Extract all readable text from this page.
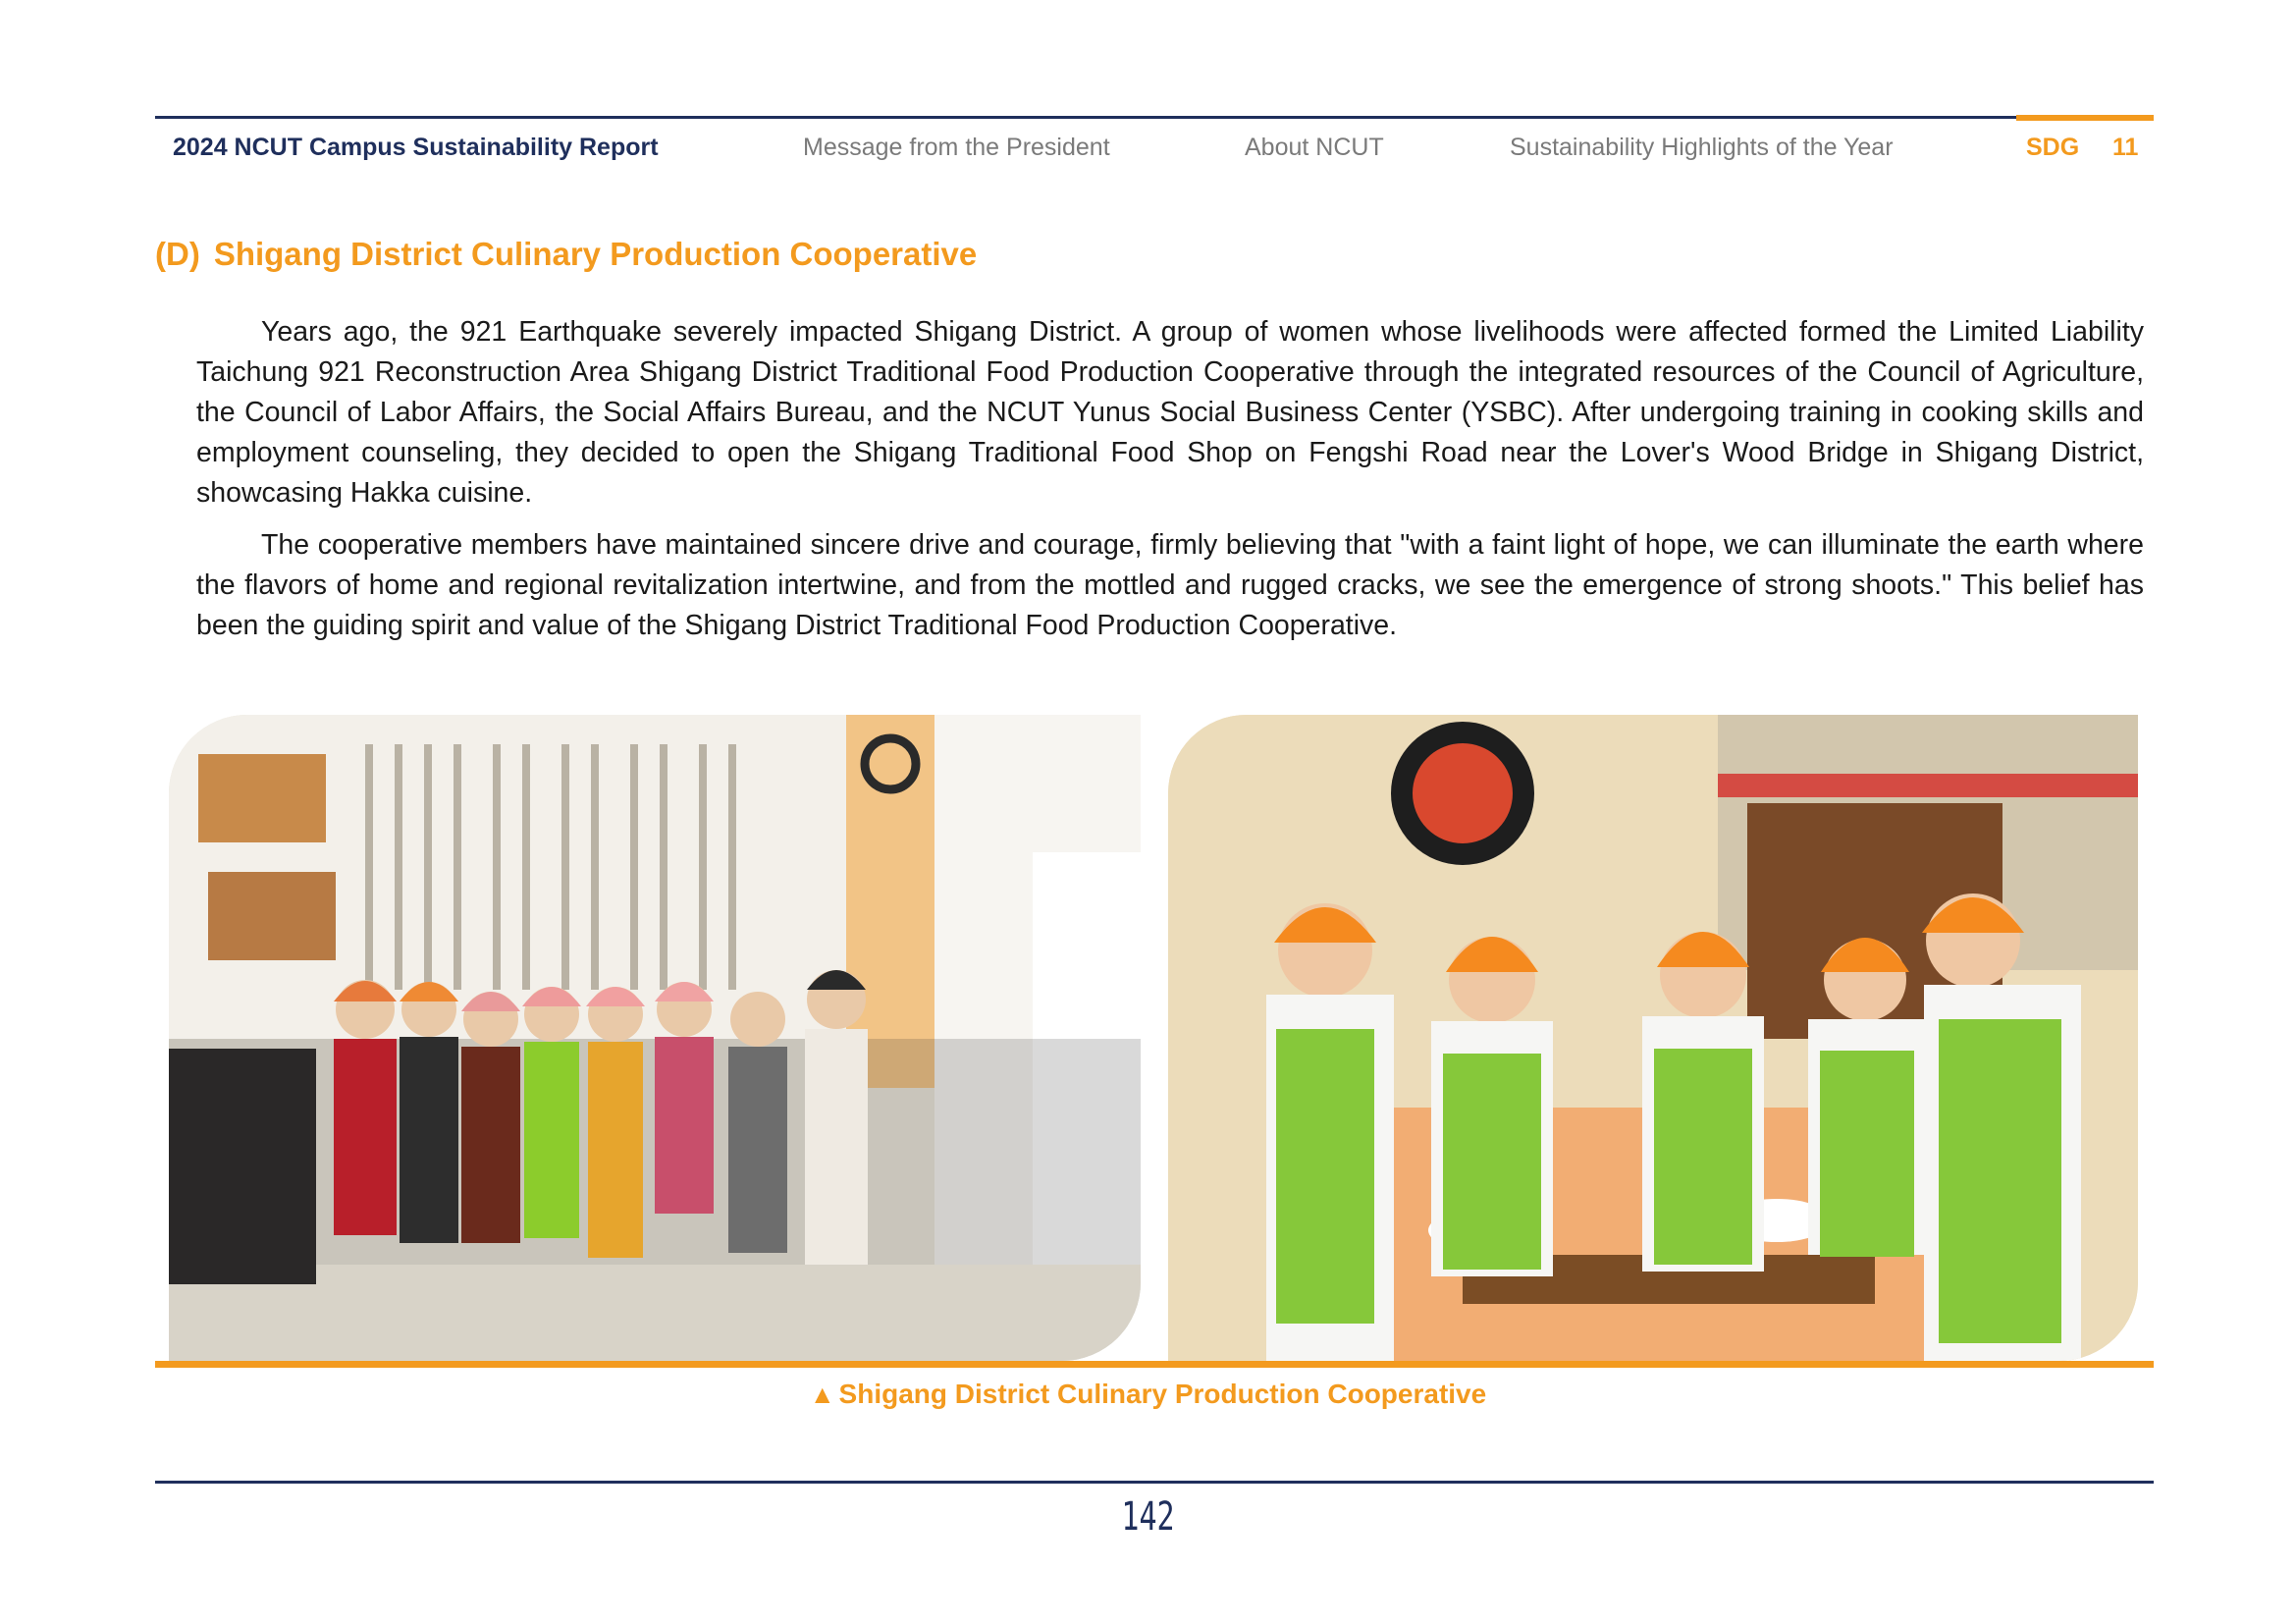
2024 NCUT Campus Sustainability Report	Message from the President	About NCUT	Sustainability Highlights of the Year	SDG 11
(D) Shigang District Culinary Production Cooperative

Years ago, the 921 Earthquake severely impacted Shigang District. A group of women whose livelihoods were affected formed the Limited Liability Taichung 921 Reconstruction Area Shigang District Traditional Food Production Cooperative through the integrated resources of the Council of Agriculture, the Council of Labor Affairs, the Social Affairs Bureau, and the NCUT Yunus Social Business Center (YSBC). After undergoing training in cooking skills and employment counseling, they decided to open the Shigang Traditional Food Shop on Fengshi Road near the Lover's Wood Bridge in Shigang District, showcasing Hakka cuisine.

The cooperative members have maintained sincere drive and courage, firmly believing that "with a faint light of hope, we can illuminate the earth where the flavors of home and regional revitalization intertwine, and from the mottled and rugged cracks, we see the emergence of strong shoots." This belief has been the guiding spirit and value of the Shigang District Traditional Food Production Cooperative.

▲ Shigang District Culinary Production Cooperative
142
